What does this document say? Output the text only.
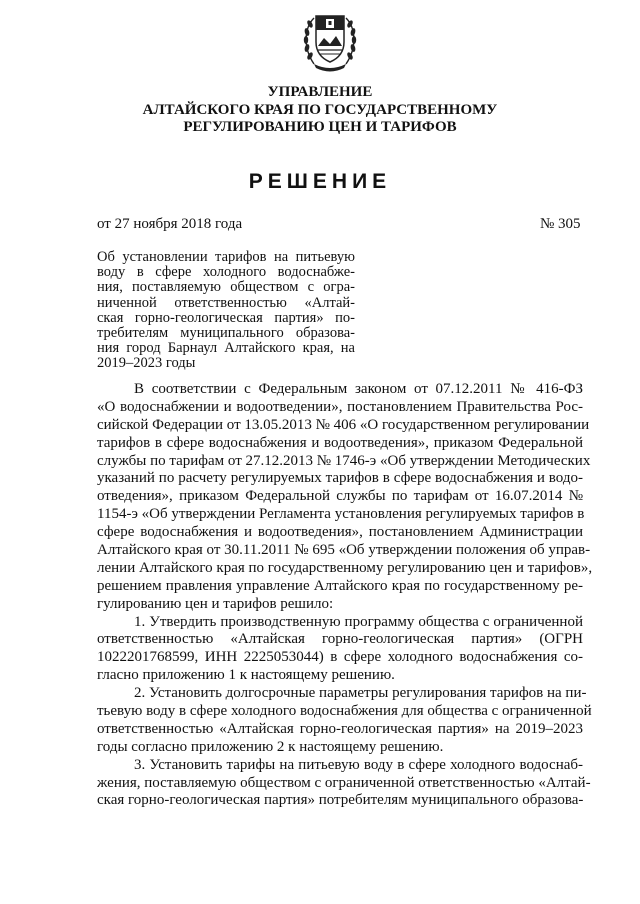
УПРАВЛЕНИЕ
АЛТАЙСКОГО КРАЯ ПО ГОСУДАРСТВЕННОМУ
РЕГУЛИРОВАНИЮ ЦЕН И ТАРИФОВ
РЕШЕНИЕ
от 27 ноября 2018 года	№ 305
Об установлении тарифов на питьевую
воду в сфере холодного водоснабже-
ния, поставляемую обществом с огра-
ниченной ответственностью «Алтай-
ская горно-геологическая партия» по-
требителям муниципального образова-
ния город Барнаул Алтайского края, на
2019–2023 годы
В соответствии с Федеральным законом от 07.12.2011 № 416-ФЗ
«О водоснабжении и водоотведении», постановлением Правительства Рос-
сийской Федерации от 13.05.2013 № 406 «О государственном регулировании
тарифов в сфере водоснабжения и водоотведения», приказом Федеральной
службы по тарифам от 27.12.2013 № 1746-э «Об утверждении Методических
указаний по расчету регулируемых тарифов в сфере водоснабжения и водо-
отведения», приказом Федеральной службы по тарифам от 16.07.2014 №
1154-э «Об утверждении Регламента установления регулируемых тарифов в
сфере водоснабжения и водоотведения», постановлением Администрации
Алтайского края от 30.11.2011 № 695 «Об утверждении положения об управ-
лении Алтайского края по государственному регулированию цен и тарифов»,
решением правления управление Алтайского края по государственному ре-
гулированию цен и тарифов решило:
1. Утвердить производственную программу общества с ограниченной
ответственностью «Алтайская горно-геологическая партия» (ОГРН
1022201768599, ИНН 2225053044) в сфере холодного водоснабжения со-
гласно приложению 1 к настоящему решению.
2. Установить долгосрочные параметры регулирования тарифов на пи-
тьевую воду в сфере холодного водоснабжения для общества с ограниченной
ответственностью «Алтайская горно-геологическая партия» на 2019–2023
годы согласно приложению 2 к настоящему решению.
3. Установить тарифы на питьевую воду в сфере холодного водоснаб-
жения, поставляемую обществом с ограниченной ответственностью «Алтай-
ская горно-геологическая партия» потребителям муниципального образова-
